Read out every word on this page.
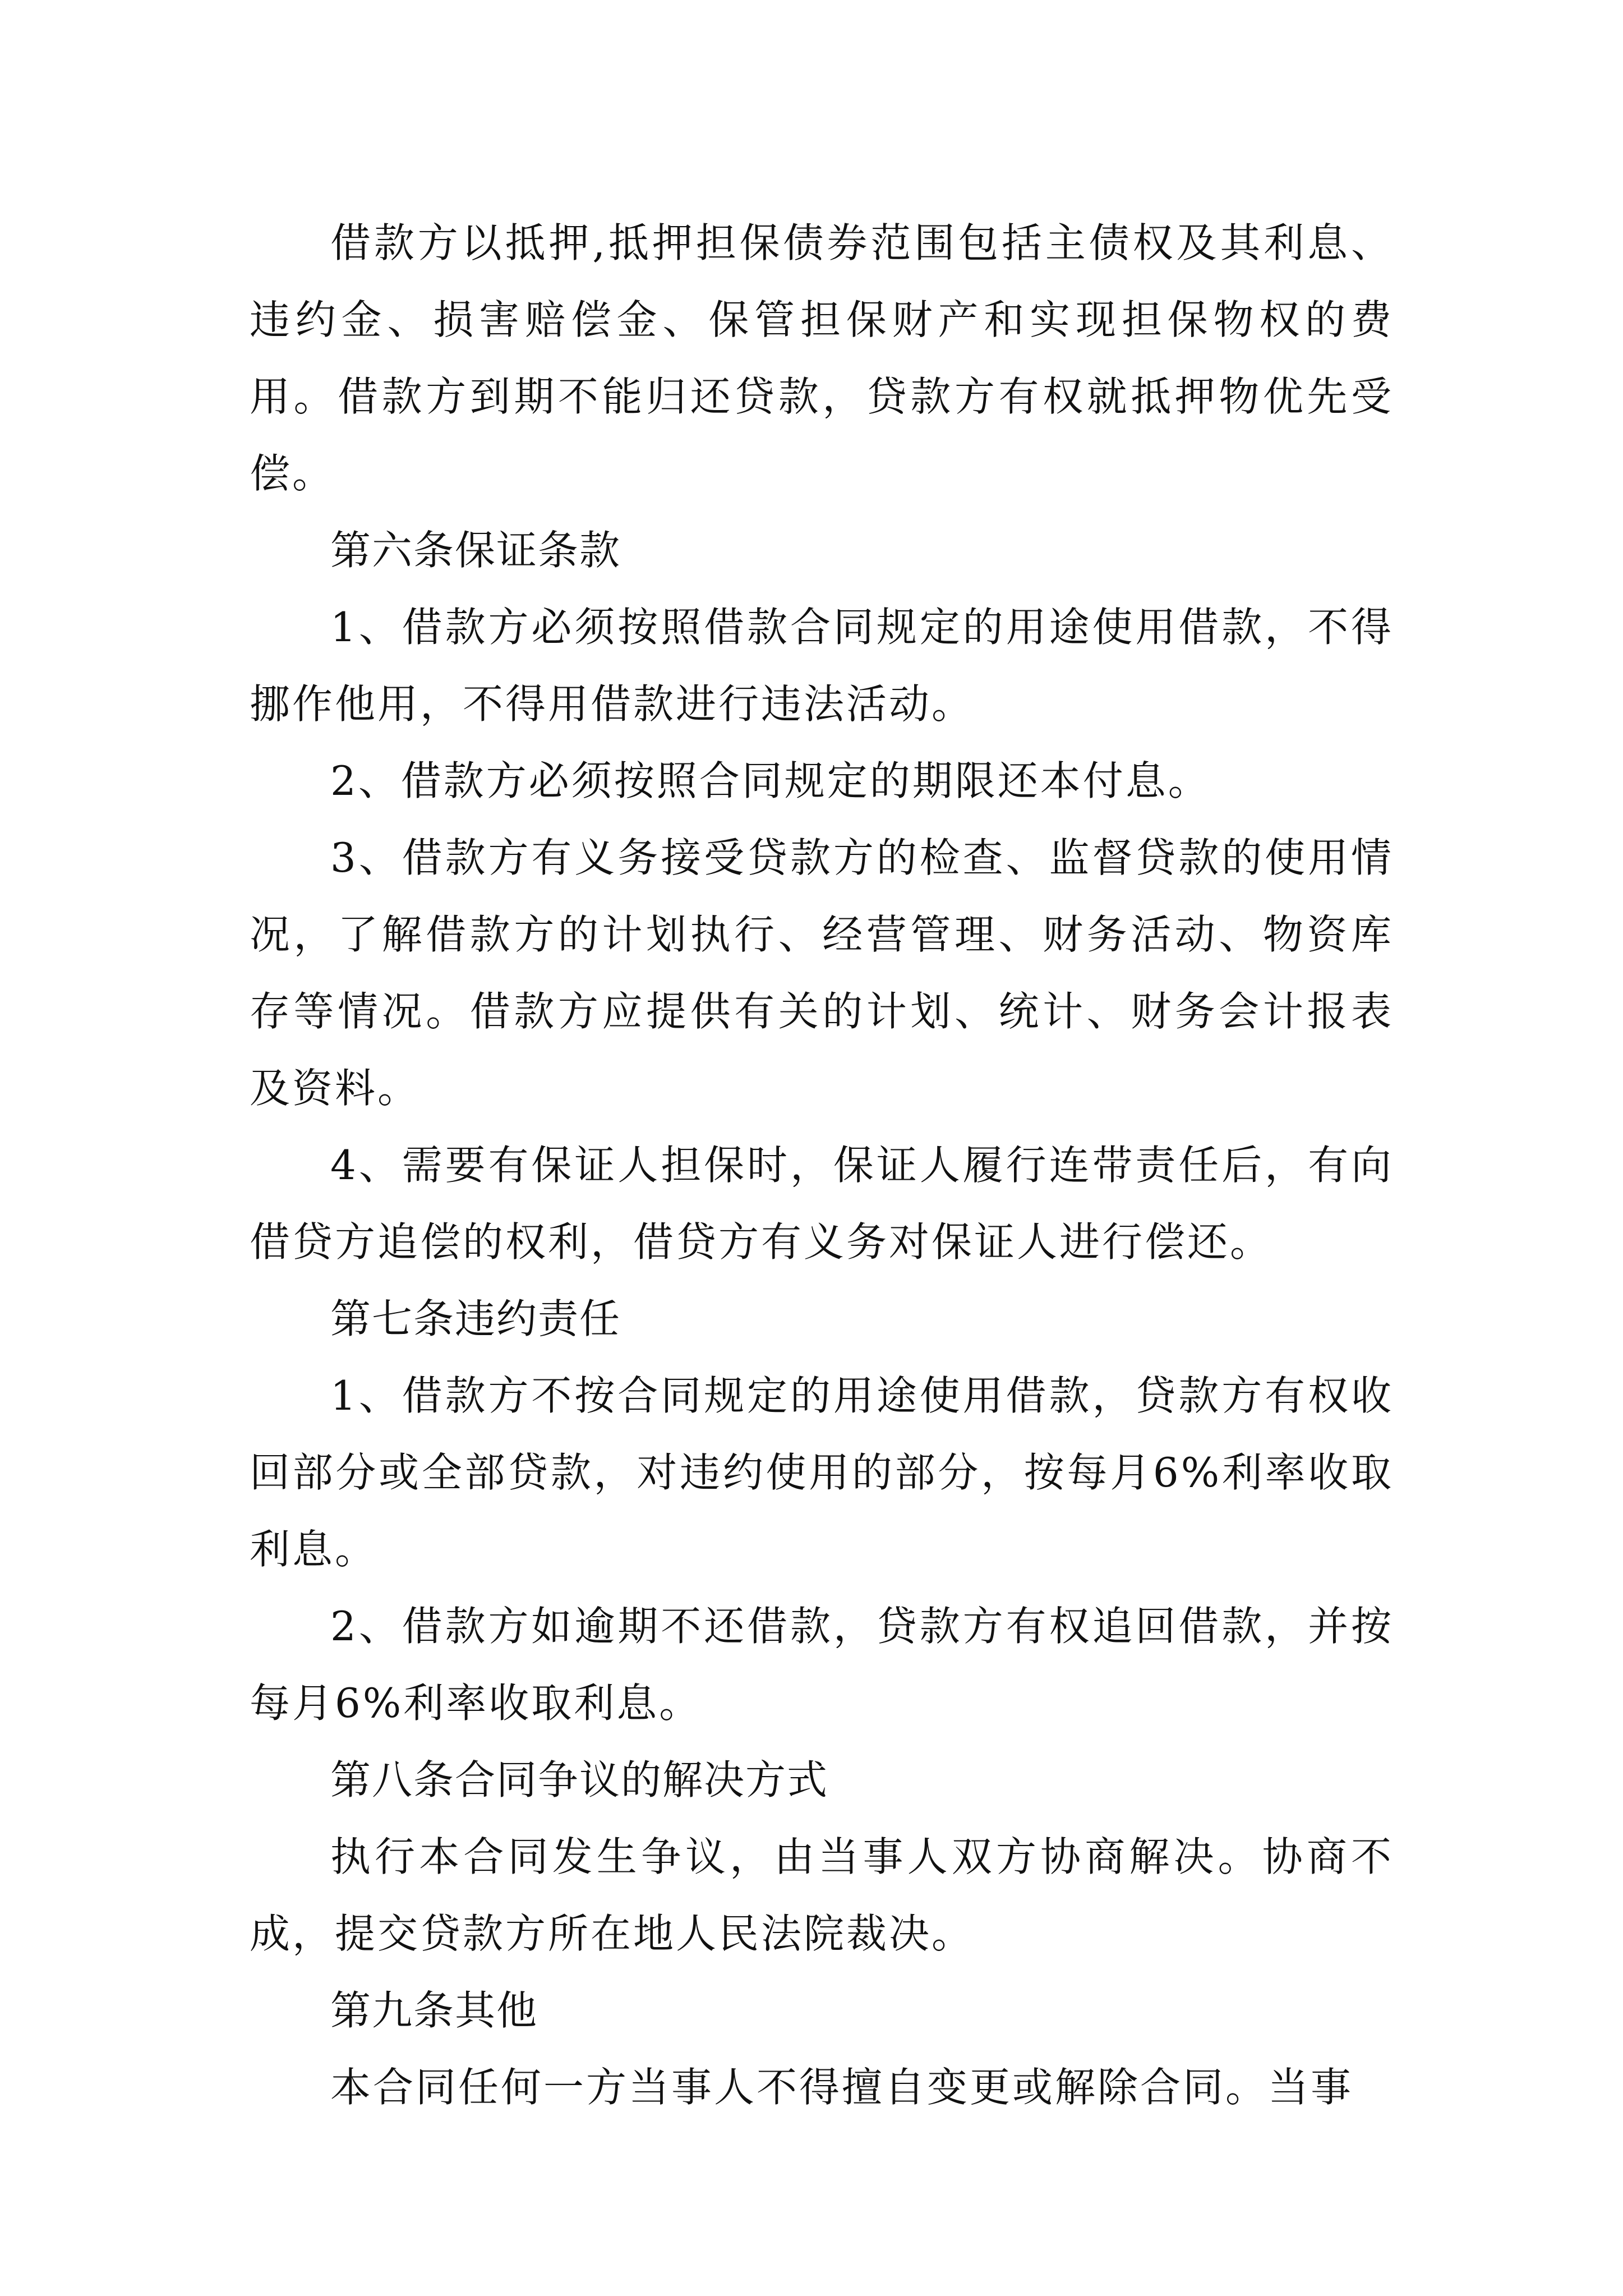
借款方以抵押,抵押担保债券范围包括主债权及其利息、违约金、损害赔偿金、保管担保财产和实现担保物权的费用。借款方到期不能归还贷款，贷款方有权就抵押物优先受偿。

第六条保证条款

1、借款方必须按照借款合同规定的用途使用借款，不得挪作他用，不得用借款进行违法活动。

2、借款方必须按照合同规定的期限还本付息。

3、借款方有义务接受贷款方的检查、监督贷款的使用情况，了解借款方的计划执行、经营管理、财务活动、物资库存等情况。借款方应提供有关的计划、统计、财务会计报表及资料。

4、需要有保证人担保时，保证人履行连带责任后，有向借贷方追偿的权利，借贷方有义务对保证人进行偿还。

第七条违约责任

1、借款方不按合同规定的用途使用借款，贷款方有权收回部分或全部贷款，对违约使用的部分，按每月6%利率收取利息。

2、借款方如逾期不还借款，贷款方有权追回借款，并按每月6%利率收取利息。

第八条合同争议的解决方式

执行本合同发生争议，由当事人双方协商解决。协商不成，提交贷款方所在地人民法院裁决。

第九条其他

本合同任何一方当事人不得擅自变更或解除合同。当事
